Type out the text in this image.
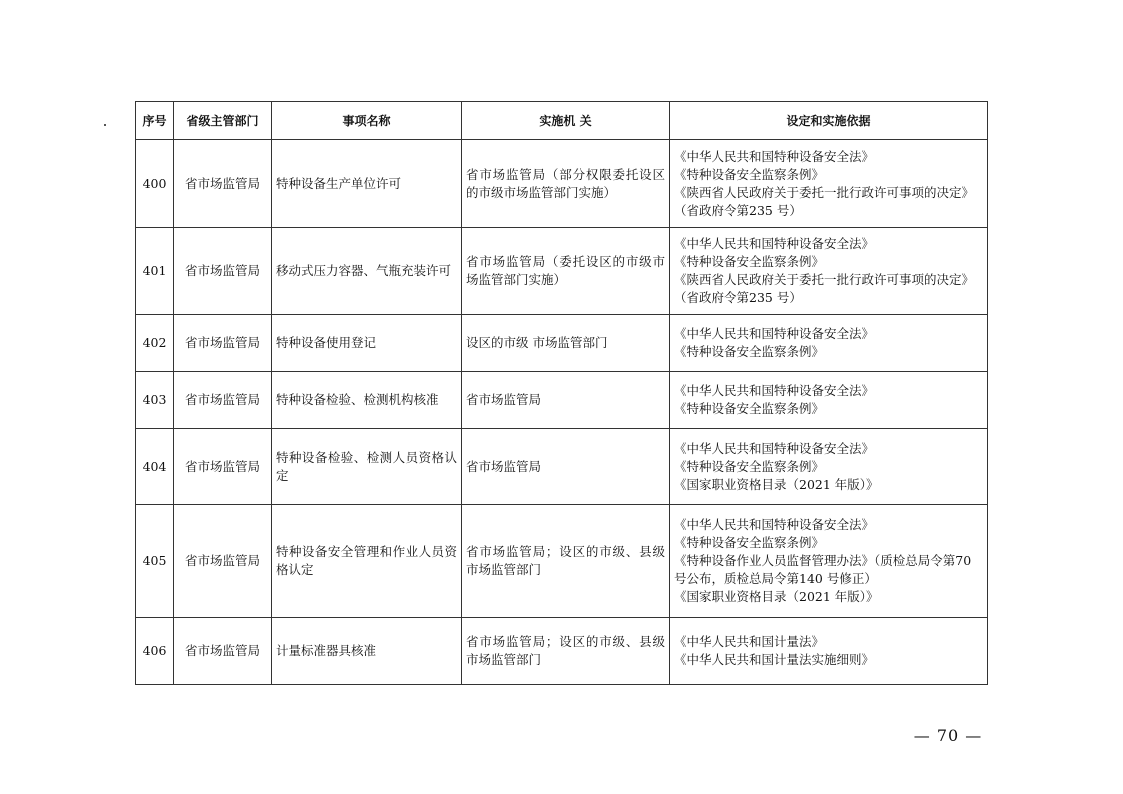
序号	省级主管部门	事项名称	实施机 关	设定和实施依据
400	省市场监管局	特种设备生产单位许可	省市场监管局（部分权限委托设区的市级市场监管部门实施）	《中华人民共和国特种设备安全法》
《特种设备安全监察条例》
《陕西省人民政府关于委托一批行政许可事项的决定》（省政府令第235 号）

401	省市场监管局	移动式压力容器、气瓶充装许可	省市场监管局（委托设区的市级市场监管部门实施）	《中华人民共和国特种设备安全法》
《特种设备安全监察条例》
《陕西省人民政府关于委托一批行政许可事项的决定》（省政府令第235 号）

402	省市场监管局	特种设备使用登记	设区的市级 市场监管部门	《中华人民共和国特种设备安全法》
《特种设备安全监察条例》

403	省市场监管局	特种设备检验、检测机构核准	省市场监管局	《中华人民共和国特种设备安全法》
《特种设备安全监察条例》

404	省市场监管局	特种设备检验、检测人员资格认定	省市场监管局	《中华人民共和国特种设备安全法》
《特种设备安全监察条例》
《国家职业资格目录（2021 年版）》

405	省市场监管局	特种设备安全管理和作业人员资格认定	省市场监管局；设区的市级、县级市场监管部门	《中华人民共和国特种设备安全法》
《特种设备安全监察条例》
《特种设备作业人员监督管理办法》（质检总局令第70 号公布，质检总局令第140 号修正）
《国家职业资格目录（2021 年版）》

406	省市场监管局	计量标准器具核准	省市场监管局；设区的市级、县级市场监管部门	《中华人民共和国计量法》
《中华人民共和国计量法实施细则》
— 70 —
